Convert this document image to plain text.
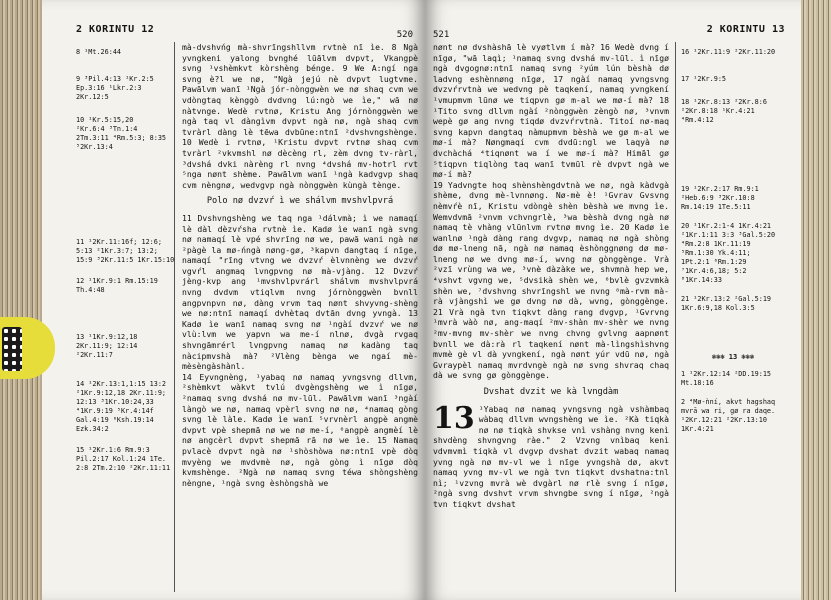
2 KORINTU 12	520
8 ¹Mt.26:44
9 ³Pil.4:13 ¹Kr.2:5
Ep.3:16 ¹Lkr.2:3
2Kr.12:5
10 ¹Kr.5:15,20
²Kr.6:4 ³Tn.1:4
2Tm.3:11 ⁴Rm.5:3; 8:35
⁵2Kr.13:4
11 ¹2Kr.11:16f; 12:6;
5:13 ²1Kr.3:7; 13:2;
15:9 ³2Kr.11:5 1Kr.15:10
12 ¹1Kr.9:1 Rm.15:19
Th.4:48
13 ¹1Kr.9:12,18
2Kr.11:9; 12:14
²2Kr.11:7
14 ¹2Kr.13:1,1:15 13:2
²1Kr.9:12,18 2Kr.11:9;
12:13 ³1Kr.10:24,33
⁴1Kr.9:19 ⁵Kr.4:14f
Gal.4:19 ⁶Ksh.19:14
Ezk.34:2
15 ¹2Kr.1:6 Rm.9:3
Pil.2:17 Kol.1:24 1Te.
2:8 2Tm.2:10 ²2Kr.11:11

mà-dvshvńg mà-shvrīngshllvm rvtnè nī ìe. 8 Ngà yvngkeni yalong bvnghé lūālvm dvpvt, Vkangpè svng ¹vshèmkvt kòrshèng bénge. 9 We A:ngí nga svng è?l we nø, "Ngà jejú nè dvpvt lugtvme. Pawālvm wanī ¹Ngà jór-nònggwèn we nø shaq cvm we vdòngtaq kènggò dvdvng lú:ngò we ìe," wā nø nàtvnge. Wedè rvtnø, Kristu Ang jórnònggwèn we ngà taq vl dàngìvm dvpvt ngà nø, ngà shaq cvm tvràrl dàng lè tēwa dvbūne:ntnī ²dvshvngshènge. 10 Wedè ì rvtnø, ¹Kristu dvpvt rvtnø shaq cvm tvràrl ²vkvmshl nø dècèng rl, zèm dvng tv-ràrl, ³dvshá dvki nàrèng rl nvng ⁴dvshá mv-hotrl rvt ⁵nga nønt shème. Pawālvm wanī ¹ngà kadvgvp shaq cvm nèngnø, wedvgvp ngà nònggwèn kùngà tènge.

Polo nø dvzvŕ ì we shálvm mvshvlpvrá

11 Dvshvngshèng we taq nga ¹dálvmà; ì we namaqí lè dàl dèzvŕsha rvtnè ìe. Kadø ìe wanī ngà svng nø namaqí lè vpé shvrīng nø we, pawā wani ngà nø ²pàgè la mø-ńngà nøng-gø, ³kapvn dangtaq í nīge, namaqí "rīng vtvng we dvzvŕ èlvnnèng we dvzvŕ vgvŕl angmaq lvngpvng nø mà-vjàng. 12 Dvzvŕ jèng-kvp ang ¹mvshvlpvrárl shálvm mvshvlpvrá nvng dvdvm vtiqlvm nvng jórnònggwèn bvnll angpvnpvn nø, dàng vrvm taq nønt shvyvng-shèng we nø:ntnī namaqí dvhètaq dvtān dvng yvngà. 13 Kadø ìe wanī namaq svng nø ¹ngàí dvzvŕ we nø vlù:lvm we yapvn wa me-í nlnø, dvgà rvgaq shvngāmrérl lvngpvng namaq nø kadàng taq nàcipmvshà mà? ²Vlèng bènga we ngaí mè-mèsèngàshànl.

14 Eyvngnèng, ¹yabaq nø namaq yvngsvng dllvm, ²shèmkvt wàkvt tvlú dvgèngshèng we ì nīgø, ²namaq svng dvshá nø mv-lūl. Pawālvm wanī ³ngàí làngò we nø, namaq vpèrl svng nø nø, ⁴namaq gòng svng lè làle. Kadø ìe wanī ⁵vrvnèrl angpè angmè dvpvt vpè shepmā nø we nø me-í, ⁶angpè angmèí lè nø angcèrl dvpvt shepmā rā nø we ìe. 15 Namaq pvlacè dvpvt ngà nø ¹shòshòwa nø:ntnī vpè dòq mvyèng we mvdvmè nø, ngà gòng ì nīgø dòq kvmshènge. ²Ngà nø namaq svng téwa shòngshèng nèngne, ¹ngà svng èshòngshà we

521	2 KORINTU 13

nønt nø dvshàshā lè vyøtlvm í mà? 16 Wedè dvng í nīgø, "wā laqì; ¹namaq svng dvshá mv-lūl. ì nīgø ngà dvgognø:ntnī namaq svng ²yúm lún bèshà dø ladvng eshènnøng nīgø, 17 ngàí namaq yvngsvng dvzvŕrvtnà we wedvng pè taqkení, namaq yvngkení ¹vmupmvm lūnø we tiqpvn gø m-al we mø-í mà? 18 ¹Tito svng dllvm ngàí ²nònggwèn zèngò nø, ³vnvm wepè gø ang nvng tiqdø dvzvŕrvtnà. Titoí nø-maq svng kapvn dangtaq nàmupmvm bèshà we gø m-al we mø-í mà? Nøngmaqí cvm dvdū:ngl we laqyà nø dvchàchá ⁴tiqnønt wa í we mø-í mà? Himāl gø ⁵tiqpvn tiqlòng taq wanī tvmūl rè dvpvt ngà we mø-í mà?

19 Yadvngte hoq shènshèngdvtnà we nø, ngà kàdvgà shème, dvng mè-lvnnøng. Nø-mè è! ¹Gvrav Gvsvng nèmvŕè nī, Kristu vdòngè shèn bèshà we mvng ìe. Wemvdvmā ²vnvm vchvngrlè, ³wa bèshà dvng ngà nø namaq tè vhàng vlūnlvm rvtnø mvng ìe. 20 Kadø ìe wanlnø ¹ngà dàng rang dvgvp, namaq nø ngà shòng dø mø-lneng nā, ngà nø namaq èshònggnøng dø mø-lneng nø we dvng mø-í, wvng nø gònggènge. Vrà ²vzī vrùng wa we, ³vnè dàzàke we, shvmnà hep we, ⁴vshvt vgvng we, ⁵dvsikà shèn we, ⁶bvlè gvzvmkà shèn we, ⁷dvshvng shvrīngshl we nvng ⁸mà-rvm mà-rà vjàngshì we gø dvng nø dà, wvng, gònggènge. 21 Vrà ngà tvn tiqkvt dàng rang dvgvp, ¹Gvrvng ¹mvrà wàò nø, ang-maqí ²mv-shàn mv-shèr we nvng ²mv-mvng mv-shèr we nvng chvng gvlvng aapnønt bvnll we dà:rà rl taqkení nønt mà-lìngshìshvng mvmè gè vl dà yvngkení, ngà nønt yúr vdū nø, ngà Gvraypèl namaq mvrdvngè ngà nø svng shvraq chaq dà we svng gø gònggènge.

Dvshat dvzit we kà lvngdàm
13 ¹Yabaq nø namaq yvngsvng ngà vshàmbaq wàbaq dllvm wvngshèng we ìe. ²Kà tiqkà nø nø tiqkà shvkse vnì vshàng nvng kenì shvdèng shvngvng ràe." 2 Vzvng vnìbaq kenì vdvmvmì tiqkà vl dvgvp dvshat dvzit wabaq namaq yvng ngà nø mv-vl we ì nīge yvngshà dø, akvt namaq yvng mv-vl we ngà tvn tiqkvt dvshatna:tnl nì; ¹vzvng mvrà wè dvgàrl nø rlè svng í nīgø, ²ngà svng dvshvt vrvm shvngbe svng í nīgø, ²ngà tvn tiqkvt dvshat

16 ¹2Kr.11:9 ²2Kr.11:20
17 ¹2Kr.9:5
18 ¹2Kr.8:13 ²2Kr.8:6
²2Kr.8:18 ¹Kr.4:21
⁴Rm.4:12
19 ¹2Kr.2:17 Rm.9:1
²Heb.6:9 ³2Kr.10:8
Rm.14:19 1Te.5:11
20 ¹1Kr.2:1-4 1Kr.4:21
²1Kr.1:11 3:3 ³Gal.5:20
⁴Rm.2:8 1Kr.11:19
⁵Rm.1:30 Yk.4:11;
1Pt.2:1 ⁶Rm.1:29
⁷1Kr.4:6,18; 5:2
⁸1Kr.14:33
21 ¹2Kr.13:2 ²Gal.5:19
1Kr.6:9,18 Kol.3:5
❃❃❃ 13 ❃❃❃
1 ¹2Kr.12:14 ²DD.19:15
Mt.18:16
2 ⁴Mø-ǹní, akvt hagshaq
mvrā wa ri, gø ra daqe.
¹2Kr.12:21 ²2Kr.13:10
1Kr.4:21
